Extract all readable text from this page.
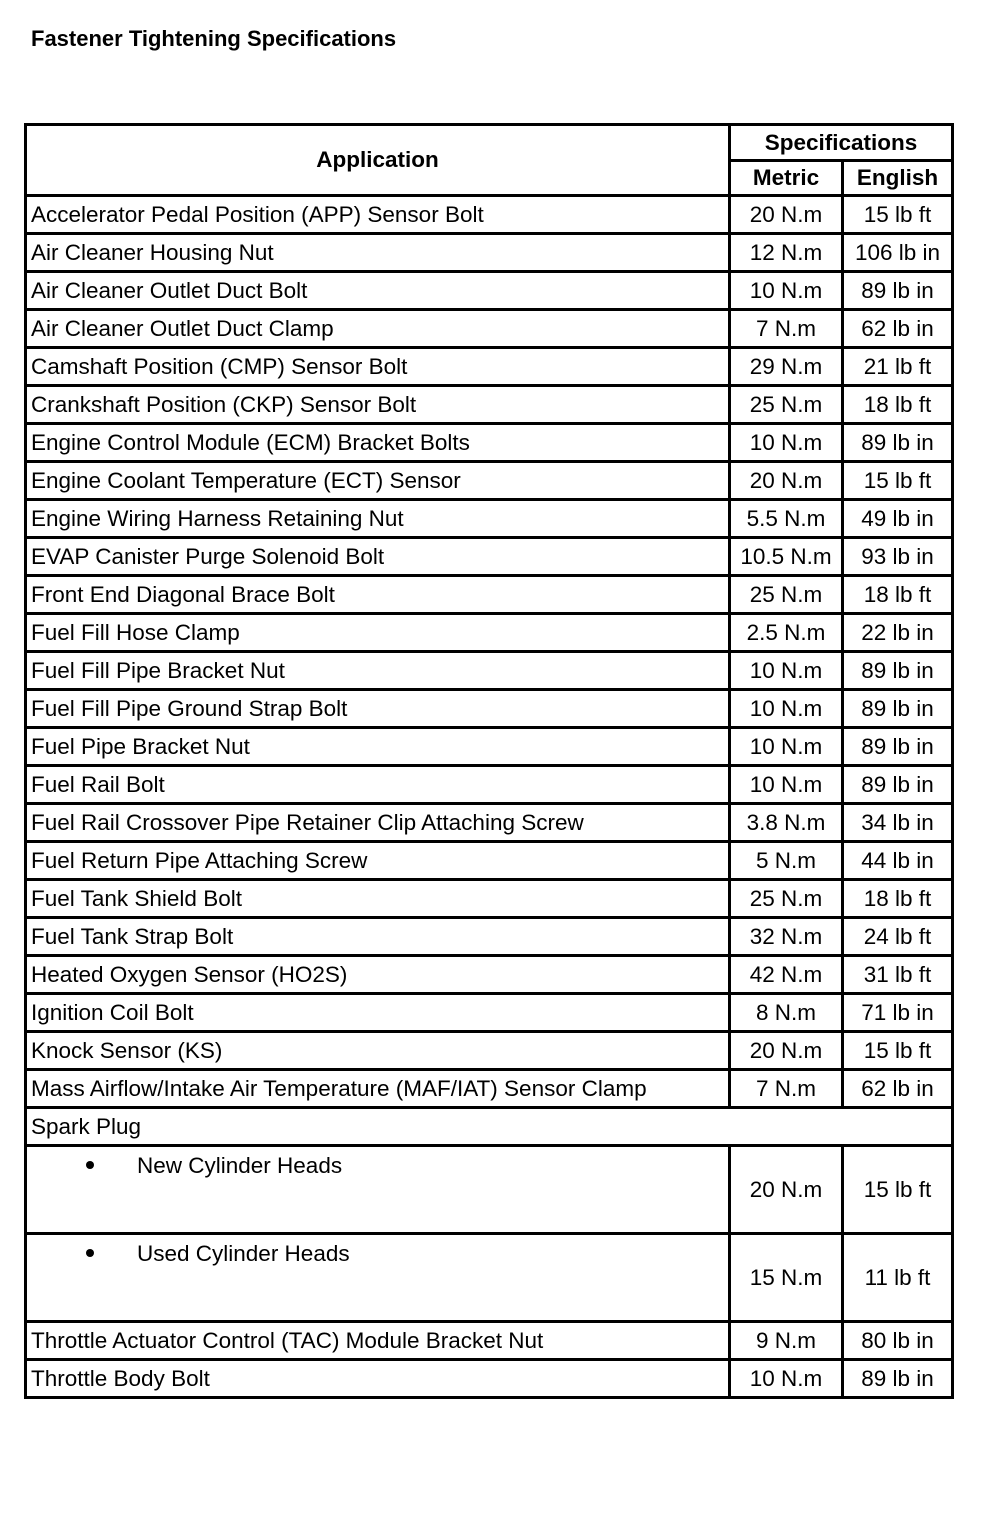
Fastener Tightening Specifications
Application	Specifications	
	Metric	English
Accelerator Pedal Position (APP) Sensor Bolt	20 N.m	15 lb ft
Air Cleaner Housing Nut	12 N.m	106 lb in
Air Cleaner Outlet Duct Bolt	10 N.m	89 lb in
Air Cleaner Outlet Duct Clamp	7 N.m	62 lb in
Camshaft Position (CMP) Sensor Bolt	29 N.m	21 lb ft
Crankshaft Position (CKP) Sensor Bolt	25 N.m	18 lb ft
Engine Control Module (ECM) Bracket Bolts	10 N.m	89 lb in
Engine Coolant Temperature (ECT) Sensor	20 N.m	15 lb ft
Engine Wiring Harness Retaining Nut	5.5 N.m	49 lb in
EVAP Canister Purge Solenoid Bolt	10.5 N.m	93 lb in
Front End Diagonal Brace Bolt	25 N.m	18 lb ft
Fuel Fill Hose Clamp	2.5 N.m	22 lb in
Fuel Fill Pipe Bracket Nut	10 N.m	89 lb in
Fuel Fill Pipe Ground Strap Bolt	10 N.m	89 lb in
Fuel Pipe Bracket Nut	10 N.m	89 lb in
Fuel Rail Bolt	10 N.m	89 lb in
Fuel Rail Crossover Pipe Retainer Clip Attaching Screw	3.8 N.m	34 lb in
Fuel Return Pipe Attaching Screw	5 N.m	44 lb in
Fuel Tank Shield Bolt	25 N.m	18 lb ft
Fuel Tank Strap Bolt	32 N.m	24 lb ft
Heated Oxygen Sensor (HO2S)	42 N.m	31 lb ft
Ignition Coil Bolt	8 N.m	71 lb in
Knock Sensor (KS)	20 N.m	15 lb ft
Mass Airflow/Intake Air Temperature (MAF/IAT) Sensor Clamp	7 N.m	62 lb in
Spark Plug		
New Cylinder Heads	20 N.m	15 lb ft
Used Cylinder Heads	15 N.m	11 lb ft
Throttle Actuator Control (TAC) Module Bracket Nut	9 N.m	80 lb in
Throttle Body Bolt	10 N.m	89 lb in
